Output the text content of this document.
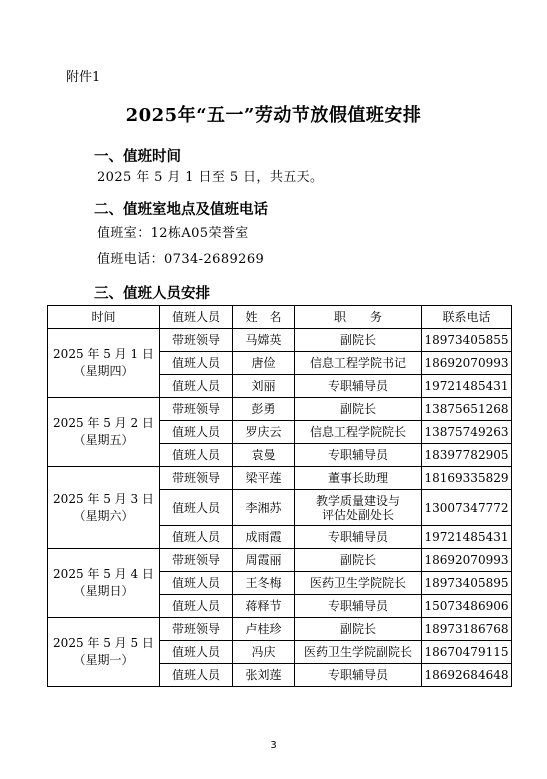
附件1
2025年“五一”劳动节放假值班安排
一、值班时间
2025 年 5 月 1 日至 5 日，共五天。
二、值班室地点及值班电话
值班室：12栋A05荣誉室
值班电话：0734-2689269
三、值班人员安排
时间	值班人员	姓　名	职　　务	联系电话

2025 年 5 月 1 日
（星期四）	带班领导	马嫦英	副院长	18973405855
	值班人员	唐俭	信息工程学院书记	18692070993
	值班人员	刘丽	专职辅导员	19721485431

2025 年 5 月 2 日
（星期五）	带班领导	彭勇	副院长	13875651268
	值班人员	罗庆云	信息工程学院院长	13875749263
	值班人员	袁曼	专职辅导员	18397782905

2025 年 5 月 3 日
（星期六）	带班领导	梁平莲	董事长助理	18169335829
	值班人员	李湘苏	教学质量建设与
评估处副处长	13007347772
	值班人员	成雨霞	专职辅导员	19721485431

2025 年 5 月 4 日
（星期日）	带班领导	周霞丽	副院长	18692070993
	值班人员	王冬梅	医药卫生学院院长	18973405895
	值班人员	蒋释节	专职辅导员	15073486906

2025 年 5 月 5 日
（星期一）	带班领导	卢桂珍	副院长	18973186768
	值班人员	冯庆	医药卫生学院副院长	18670479115
	值班人员	张刘莲	专职辅导员	18692684648
3
